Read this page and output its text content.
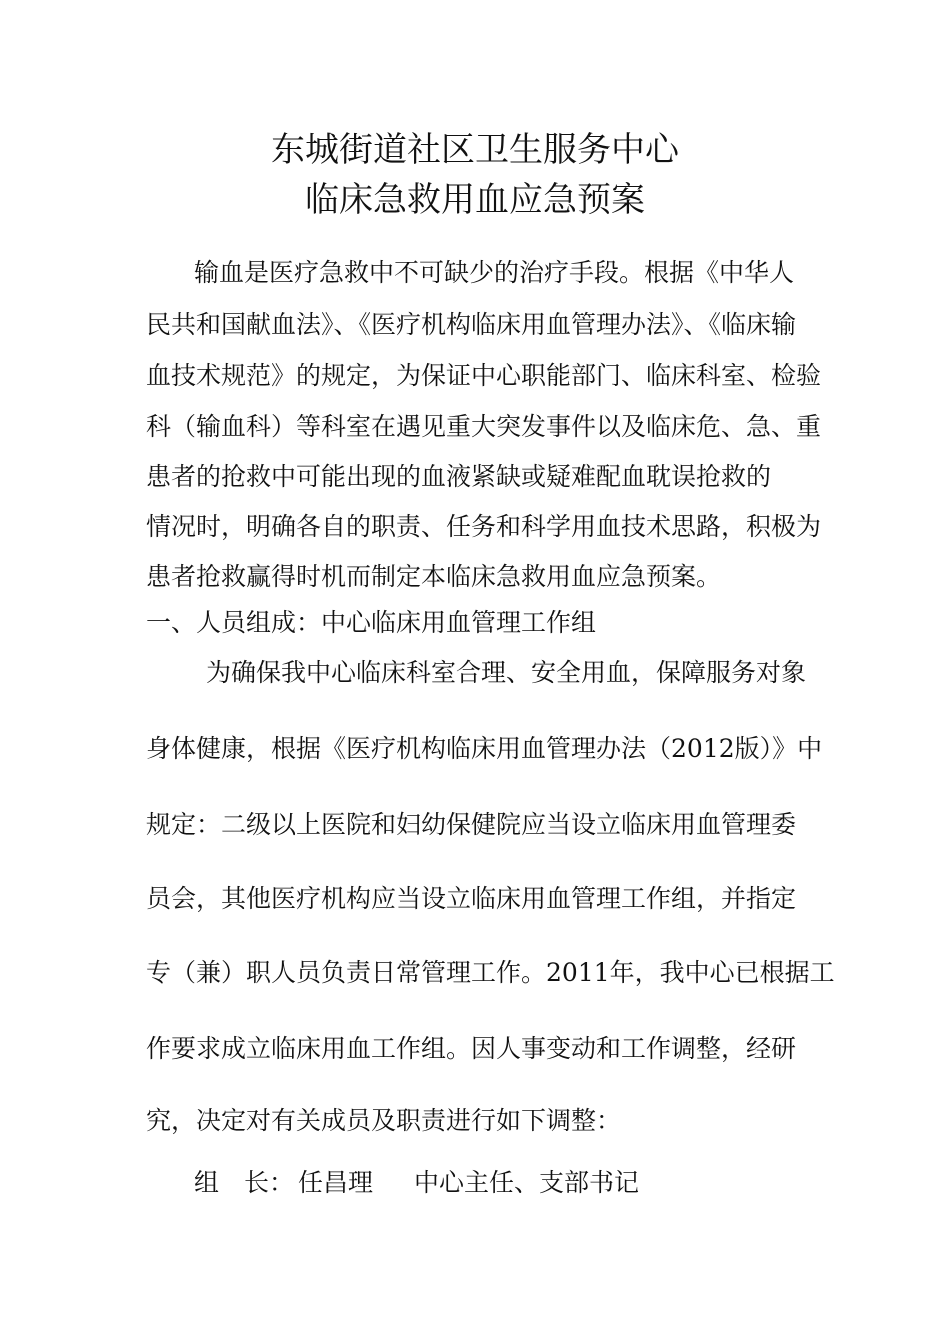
东城街道社区卫生服务中心
临床急救用血应急预案
输血是医疗急救中不可缺少的治疗手段。根据《中华人
民共和国献血法》、《医疗机构临床用血管理办法》、《临床输
血技术规范》的规定，为保证中心职能部门、临床科室、检验
科（输血科）等科室在遇见重大突发事件以及临床危、急、重
患者的抢救中可能出现的血液紧缺或疑难配血耽误抢救的
情况时，明确各自的职责、任务和科学用血技术思路，积极为
患者抢救赢得时机而制定本临床急救用血应急预案。
一、人员组成：中心临床用血管理工作组
为确保我中心临床科室合理、安全用血，保障服务对象
身体健康，根据《医疗机构临床用血管理办法（2012版）》中
规定：二级以上医院和妇幼保健院应当设立临床用血管理委
员会，其他医疗机构应当设立临床用血管理工作组，并指定
专（兼）职人员负责日常管理工作。2011年，我中心已根据工
作要求成立临床用血工作组。因人事变动和工作调整，经研
究，决定对有关成员及职责进行如下调整：
组　长： 任昌理 中心主任、支部书记
